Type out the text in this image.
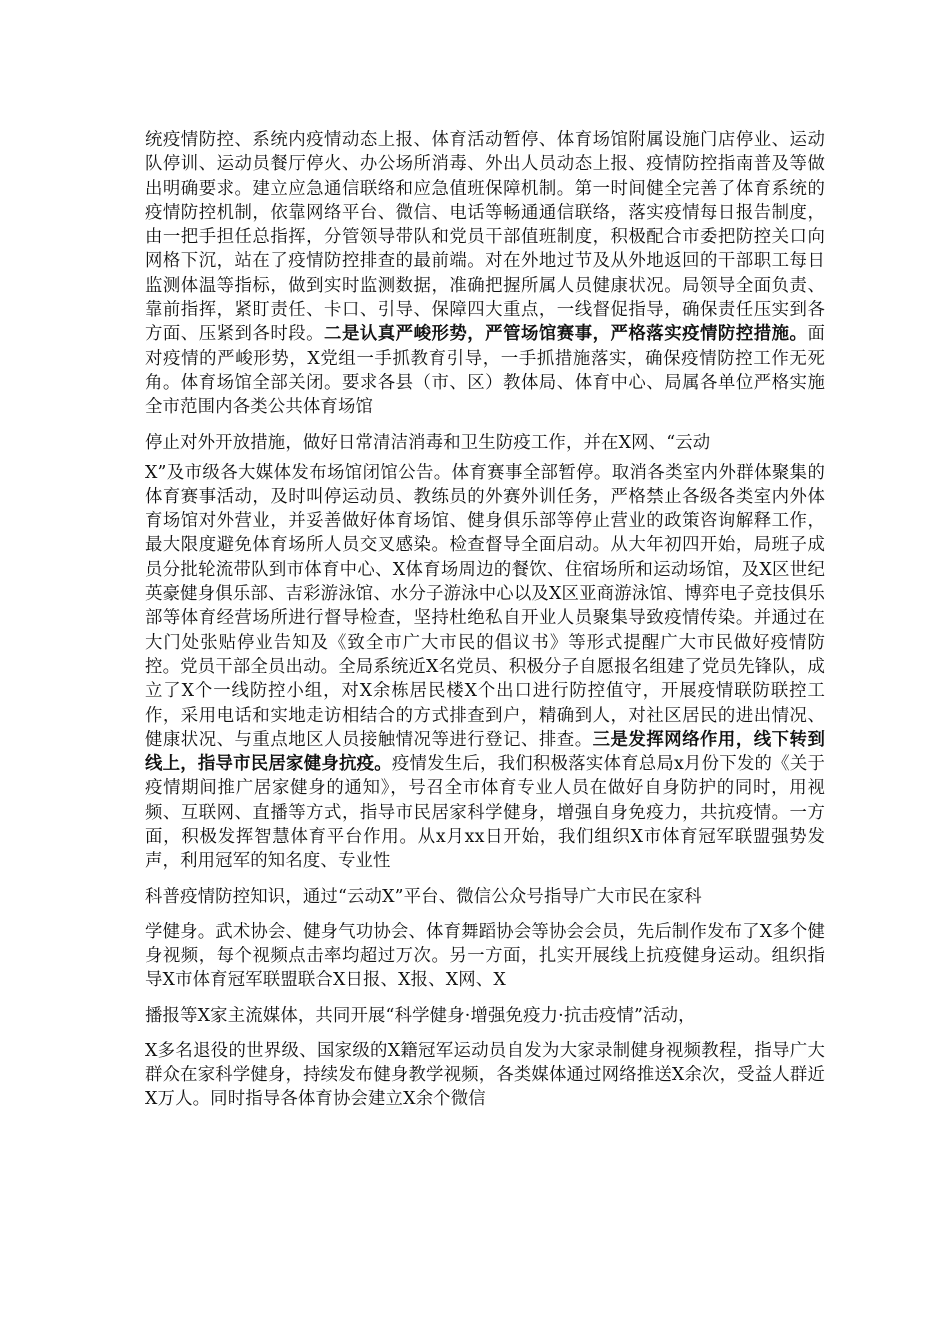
统疫情防控、系统内疫情动态上报、体育活动暂停、体育场馆附属设施门店停业、运动队停训、运动员餐厅停火、办公场所消毒、外出人员动态上报、疫情防控指南普及等做出明确要求。建立应急通信联络和应急值班保障机制。第一时间健全完善了体育系统的疫情防控机制，依靠网络平台、微信、电话等畅通通信联络，落实疫情每日报告制度，由一把手担任总指挥，分管领导带队和党员干部值班制度，积极配合市委把防控关口向网格下沉，站在了疫情防控排查的最前端。对在外地过节及从外地返回的干部职工每日监测体温等指标，做到实时监测数据，准确把握所属人员健康状况。局领导全面负责、靠前指挥，紧盯责任、卡口、引导、保障四大重点，一线督促指导，确保责任压实到各方面、压紧到各时段。二是认真严峻形势，严管场馆赛事，严格落实疫情防控措施。面对疫情的严峻形势，X党组一手抓教育引导，一手抓措施落实，确保疫情防控工作无死角。体育场馆全部关闭。要求各县（市、区）教体局、体育中心、局属各单位严格实施全市范围内各类公共体育场馆

停止对外开放措施，做好日常清洁消毒和卫生防疫工作，并在X网、“云动

X”及市级各大媒体发布场馆闭馆公告。体育赛事全部暂停。取消各类室内外群体聚集的体育赛事活动，及时叫停运动员、教练员的外赛外训任务，严格禁止各级各类室内外体育场馆对外营业，并妥善做好体育场馆、健身俱乐部等停止营业的政策咨询解释工作，最大限度避免体育场所人员交叉感染。检查督导全面启动。从大年初四开始，局班子成员分批轮流带队到市体育中心、X体育场周边的餐饮、住宿场所和运动场馆，及X区世纪英豪健身俱乐部、吉彩游泳馆、水分子游泳中心以及X区亚商游泳馆、博弈电子竞技俱乐部等体育经营场所进行督导检查，坚持杜绝私自开业人员聚集导致疫情传染。并通过在大门处张贴停业告知及《致全市广大市民的倡议书》等形式提醒广大市民做好疫情防控。党员干部全员出动。全局系统近X名党员、积极分子自愿报名组建了党员先锋队，成立了X个一线防控小组，对X余栋居民楼X个出口进行防控值守，开展疫情联防联控工作，采用电话和实地走访相结合的方式排查到户，精确到人，对社区居民的进出情况、健康状况、与重点地区人员接触情况等进行登记、排查。三是发挥网络作用，线下转到线上，指导市民居家健身抗疫。疫情发生后，我们积极落实体育总局x月份下发的《关于疫情期间推广居家健身的通知》，号召全市体育专业人员在做好自身防护的同时，用视频、互联网、直播等方式，指导市民居家科学健身，增强自身免疫力，共抗疫情。一方面，积极发挥智慧体育平台作用。从x月xx日开始，我们组织X市体育冠军联盟强势发声，利用冠军的知名度、专业性

科普疫情防控知识，通过“云动X”平台、微信公众号指导广大市民在家科

学健身。武术协会、健身气功协会、体育舞蹈协会等协会会员，先后制作发布了X多个健身视频，每个视频点击率均超过万次。另一方面，扎实开展线上抗疫健身运动。组织指导X市体育冠军联盟联合X日报、X报、X网、X

播报等X家主流媒体，共同开展“科学健身·增强免疫力·抗击疫情”活动，

X多名退役的世界级、国家级的X籍冠军运动员自发为大家录制健身视频教程，指导广大群众在家科学健身，持续发布健身教学视频，各类媒体通过网络推送X余次，受益人群近X万人。同时指导各体育协会建立X余个微信
